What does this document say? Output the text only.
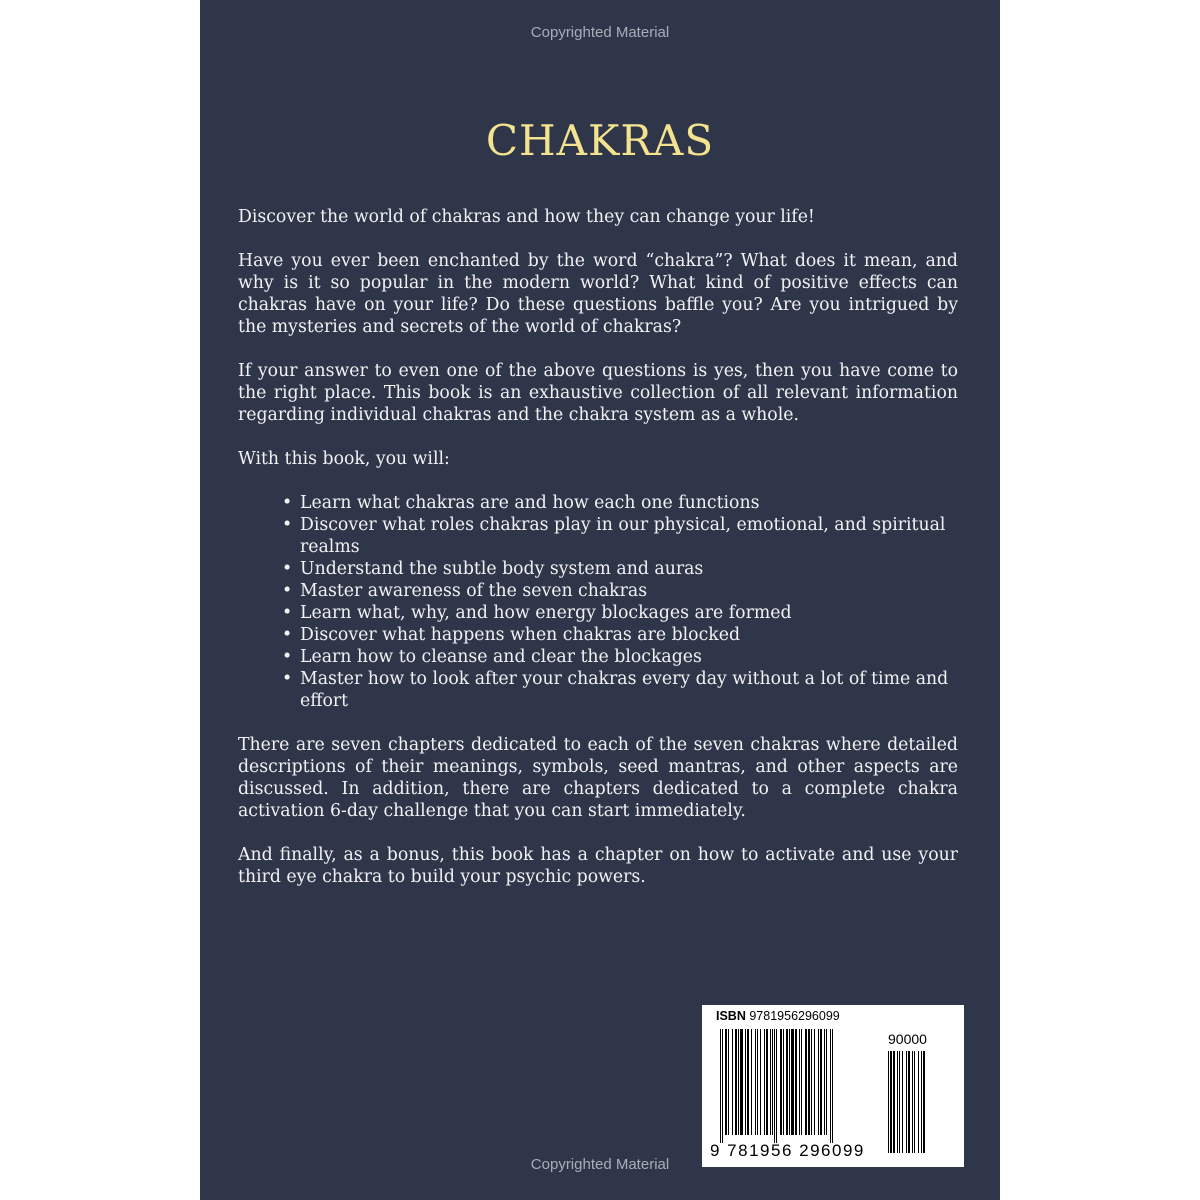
Copyrighted Material
CHAKRAS

Discover the world of chakras and how they can change your life!

Have you ever been enchanted by the word “chakra”? What does it mean, and why is it so popular in the modern world? What kind of positive effects can chakras have on your life? Do these questions baffle you? Are you intrigued by the mysteries and secrets of the world of chakras?

If your answer to even one of the above questions is yes, then you have come to the right place. This book is an exhaustive collection of all relevant information regarding individual chakras and the chakra system as a whole.

With this book, you will:

• Learn what chakras are and how each one functions
• Discover what roles chakras play in our physical, emotional, and spiritual realms
• Understand the subtle body system and auras
• Master awareness of the seven chakras
• Learn what, why, and how energy blockages are formed
• Discover what happens when chakras are blocked
• Learn how to cleanse and clear the blockages
• Master how to look after your chakras every day without a lot of time and effort

There are seven chapters dedicated to each of the seven chakras where detailed descriptions of their meanings, symbols, seed mantras, and other aspects are discussed. In addition, there are chapters dedicated to a complete chakra activation 6-day challenge that you can start immediately.

And finally, as a bonus, this book has a chapter on how to activate and use your third eye chakra to build your psychic powers.

ISBN 9781956296099
90000
9 781956 296099
Copyrighted Material
